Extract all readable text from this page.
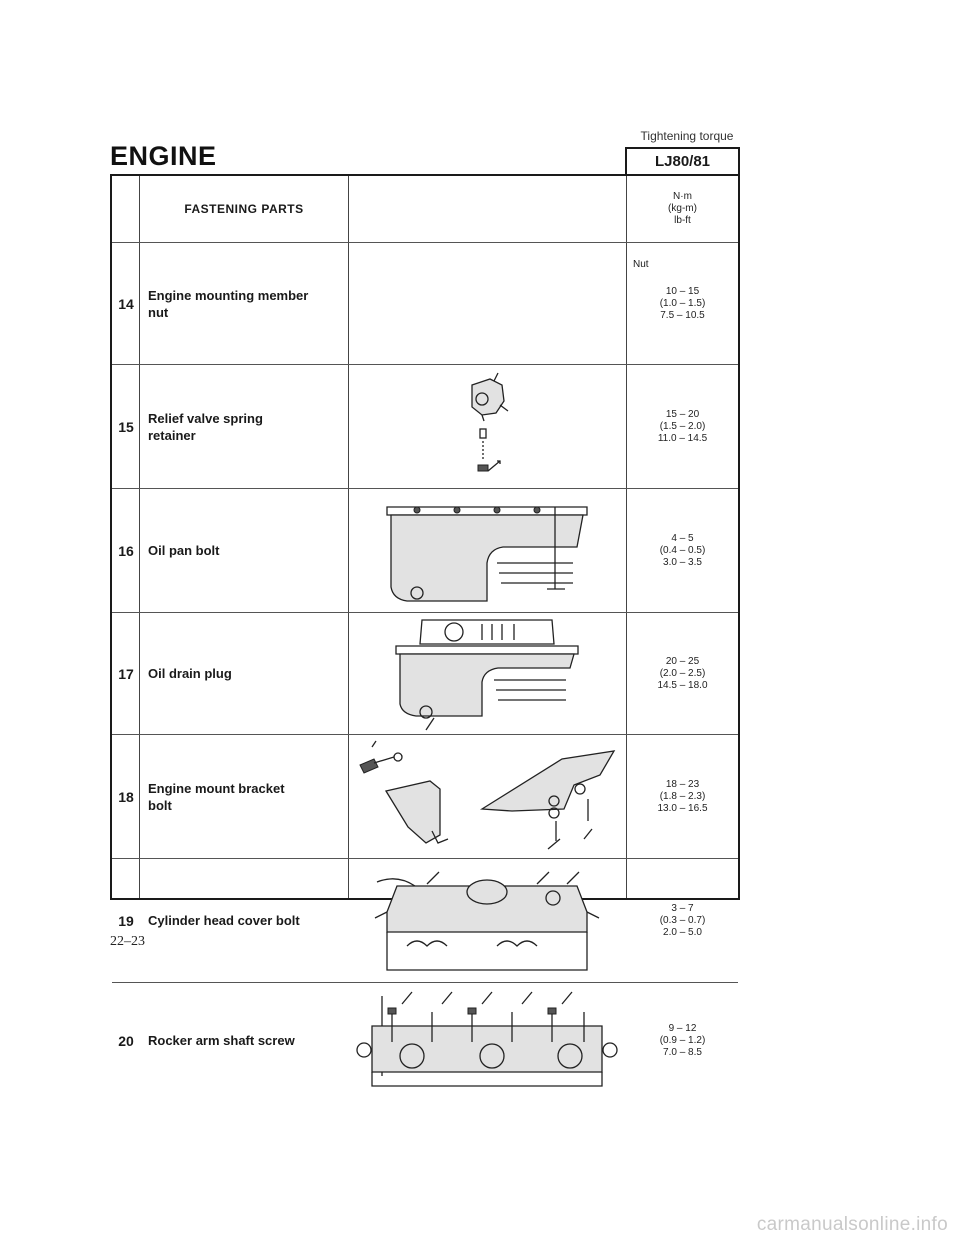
Tightening torque
ENGINE	LJ80/81
FASTENING PARTS
N·m
(kg-m)
lb-ft
14
Engine mounting member
nut
Nut
10 – 15
(1.0 – 1.5)
7.5 – 10.5
15
Relief valve spring
retainer
15 – 20
(1.5 – 2.0)
11.0 – 14.5
16	Oil pan bolt
4 – 5
(0.4 – 0.5)
3.0 – 3.5
17	Oil drain plug
20 – 25
(2.0 – 2.5)
14.5 – 18.0
18
Engine mount bracket
bolt
18 – 23
(1.8 – 2.3)
13.0 – 16.5
19	Cylinder head cover bolt
3 – 7
(0.3 – 0.7)
2.0 – 5.0
20	Rocker arm shaft screw
9 – 12
(0.9 – 1.2)
7.0 – 8.5
22–23
carmanualsonline.info
